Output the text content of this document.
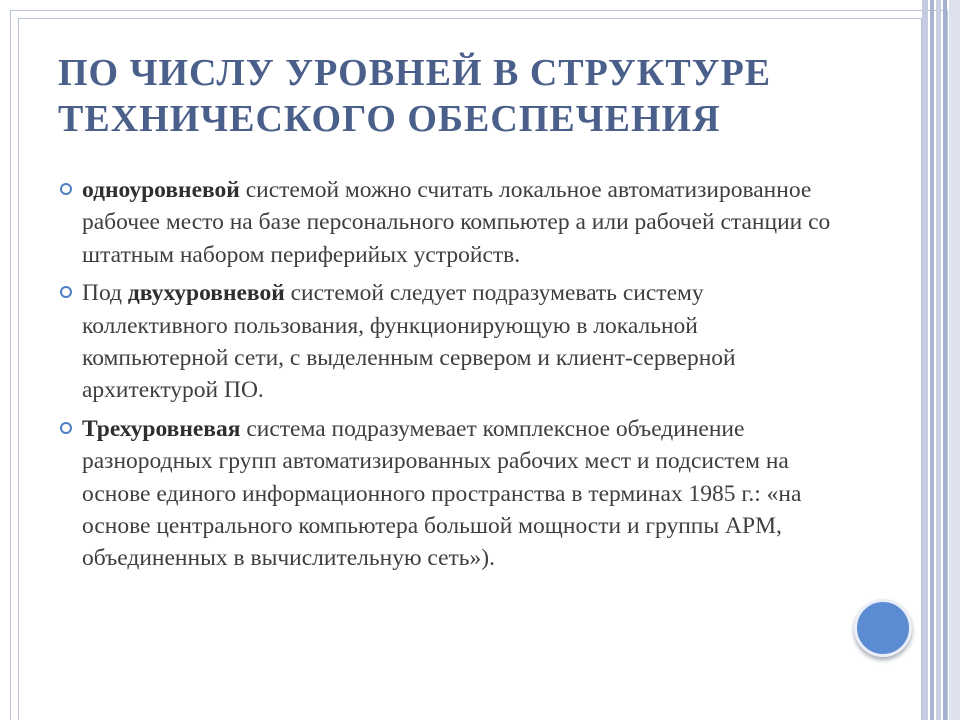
ПО ЧИСЛУ УРОВНЕЙ В СТРУКТУРЕ ТЕХНИЧЕСКОГО ОБЕСПЕЧЕНИЯ
одноуровневой системой можно считать локальное автоматизированное рабочее место на базе персонального компьютер а или рабочей станции со штатным набором периферийых устройств.
Под двухуровневой системой следует подразумевать систему коллективного пользования, функционирующую в локальной компьютерной сети, с выделенным сервером и клиент-серверной архитектурой ПО.
Трехуровневая система подразумевает комплексное объединение разнородных групп автоматизированных рабочих мест и подсистем на основе единого информационного пространства в терминах 1985 г.: «на основе центрального компьютера большой мощности и группы АРМ, объединенных в вычислительную сеть»).
